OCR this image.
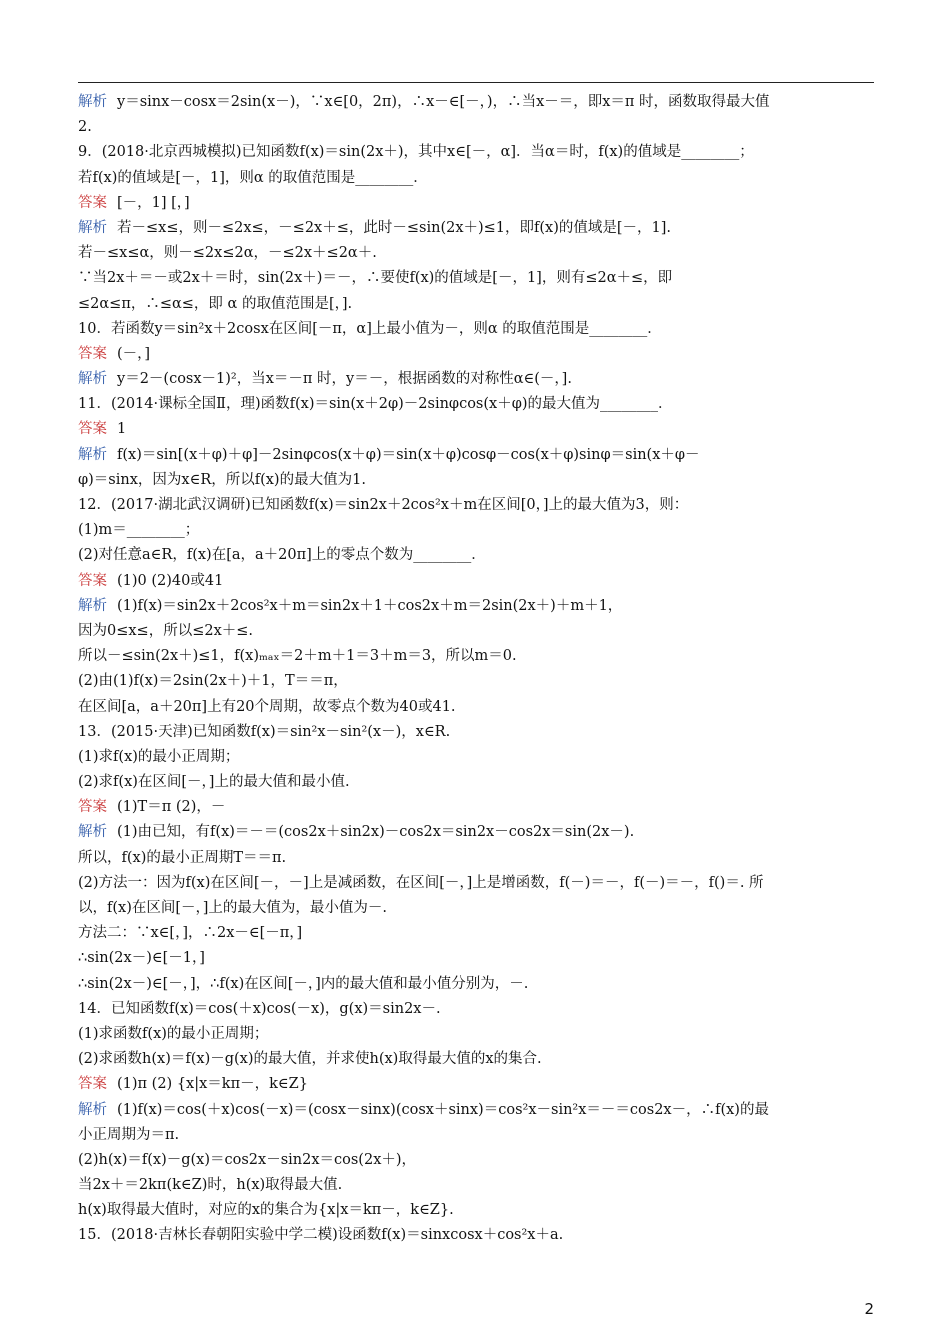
解析 y＝sinx－cosx＝2sin(x－)，∵x∈[0，2π)，∴x－∈[－，)，∴当x－＝，即x＝π 时，函数取得最大值
2.
9．(2018·北京西城模拟)已知函数f(x)＝sin(2x＋)，其中x∈[－，α]．当α＝时，f(x)的值域是________；
若f(x)的值域是[－，1]，则α 的取值范围是________．
答案 [－，1] [，]
解析 若－≤x≤，则－≤2x≤，－≤2x＋≤，此时－≤sin(2x＋)≤1，即f(x)的值域是[－，1].
若－≤x≤α，则－≤2x≤2α，－≤2x＋≤2α＋.
∵当2x＋＝－或2x＋＝时，sin(2x＋)＝－，∴要使f(x)的值域是[－，1]，则有≤2α＋≤，即
≤2α≤π，∴≤α≤，即 α 的取值范围是[，].
10．若函数y＝sin²x＋2cosx在区间[－π，α]上最小值为－，则α 的取值范围是________．
答案 (－，]
解析 y＝2－(cosx－1)²，当x＝－π 时，y＝－，根据函数的对称性α∈(－，].
11．(2014·课标全国Ⅱ，理)函数f(x)＝sin(x＋2φ)－2sinφcos(x＋φ)的最大值为________．
答案 1
解析 f(x)＝sin[(x＋φ)＋φ]－2sinφcos(x＋φ)＝sin(x＋φ)cosφ－cos(x＋φ)sinφ＝sin(x＋φ－
φ)＝sinx，因为x∈R，所以f(x)的最大值为1.
12．(2017·湖北武汉调研)已知函数f(x)＝sin2x＋2cos²x＋m在区间[0，]上的最大值为3，则：
(1)m＝________；
(2)对任意a∈R，f(x)在[a，a＋20π]上的零点个数为________．
答案 (1)0 (2)40或41
解析 (1)f(x)＝sin2x＋2cos²x＋m＝sin2x＋1＋cos2x＋m＝2sin(2x＋)＋m＋1，
因为0≤x≤，所以≤2x＋≤.
所以－≤sin(2x＋)≤1，f(x)ₘₐₓ＝2＋m＋1＝3＋m＝3，所以m＝0.
(2)由(1)f(x)＝2sin(2x＋)＋1，T＝＝π，
在区间[a，a＋20π]上有20个周期，故零点个数为40或41.
13．(2015·天津)已知函数f(x)＝sin²x－sin²(x－)，x∈R.
(1)求f(x)的最小正周期；
(2)求f(x)在区间[－，]上的最大值和最小值.
答案 (1)T＝π (2)，－
解析 (1)由已知，有f(x)＝－＝(cos2x＋sin2x)－cos2x＝sin2x－cos2x＝sin(2x－).
所以，f(x)的最小正周期T＝＝π.
(2)方法一：因为f(x)在区间[－，－]上是减函数，在区间[－，]上是增函数，f(－)＝－，f(－)＝－，f()＝. 所
以，f(x)在区间[－，]上的最大值为，最小值为－.
方法二：∵x∈[，]，∴2x－∈[－π，]
∴sin(2x－)∈[－1，]
∴sin(2x－)∈[－，]，∴f(x)在区间[－，]内的最大值和最小值分别为，－.
14．已知函数f(x)＝cos(＋x)cos(－x)，g(x)＝sin2x－.
(1)求函数f(x)的最小正周期；
(2)求函数h(x)＝f(x)－g(x)的最大值，并求使h(x)取得最大值的x的集合.
答案 (1)π (2) {x|x＝kπ－，k∈Z}
解析 (1)f(x)＝cos(＋x)cos(－x)＝(cosx－sinx)(cosx＋sinx)＝cos²x－sin²x＝－＝cos2x－，∴f(x)的最
小正周期为＝π.
(2)h(x)＝f(x)－g(x)＝cos2x－sin2x＝cos(2x＋)，
当2x＋＝2kπ(k∈Z)时，h(x)取得最大值.
h(x)取得最大值时，对应的x的集合为{x|x＝kπ－，k∈Z}.
15．(2018·吉林长春朝阳实验中学二模)设函数f(x)＝sinxcosx＋cos²x＋a.
2
